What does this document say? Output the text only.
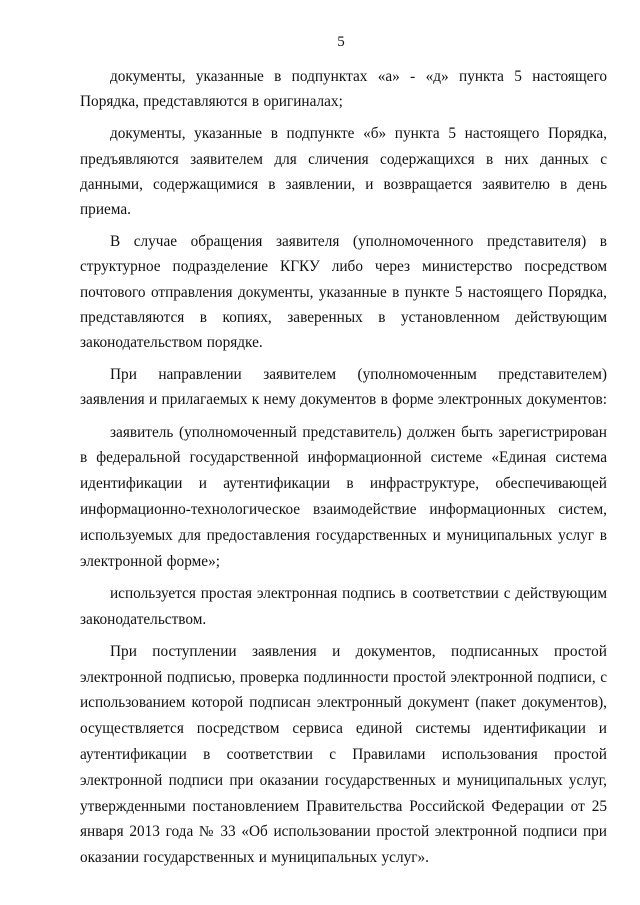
5

документы, указанные в подпунктах «а» - «д» пункта 5 настоящего Порядка, представляются в оригиналах;

документы, указанные в подпункте «б» пункта 5 настоящего Порядка, предъявляются заявителем для сличения содержащихся в них данных с данными, содержащимися в заявлении, и возвращается заявителю в день приема.

В случае обращения заявителя (уполномоченного представителя) в структурное подразделение КГКУ либо через министерство посредством почтового отправления документы, указанные в пункте 5 настоящего Порядка, представляются в копиях, заверенных в установленном действующим законодательством порядке.

При направлении заявителем (уполномоченным представителем) заявления и прилагаемых к нему документов в форме электронных документов:

заявитель (уполномоченный представитель) должен быть зарегистрирован в федеральной государственной информационной системе «Единая система идентификации и аутентификации в инфраструктуре, обеспечивающей информационно-технологическое взаимодействие информационных систем, используемых для предоставления государственных и муниципальных услуг в электронной форме»;

используется простая электронная подпись в соответствии с действующим законодательством.

При поступлении заявления и документов, подписанных простой электронной подписью, проверка подлинности простой электронной подписи, с использованием которой подписан электронный документ (пакет документов), осуществляется посредством сервиса единой системы идентификации и аутентификации в соответствии с Правилами использования простой электронной подписи при оказании государственных и муниципальных услуг, утвержденными постановлением Правительства Российской Федерации от 25 января 2013 года № 33 «Об использовании простой электронной подписи при оказании государственных и муниципальных услуг».
